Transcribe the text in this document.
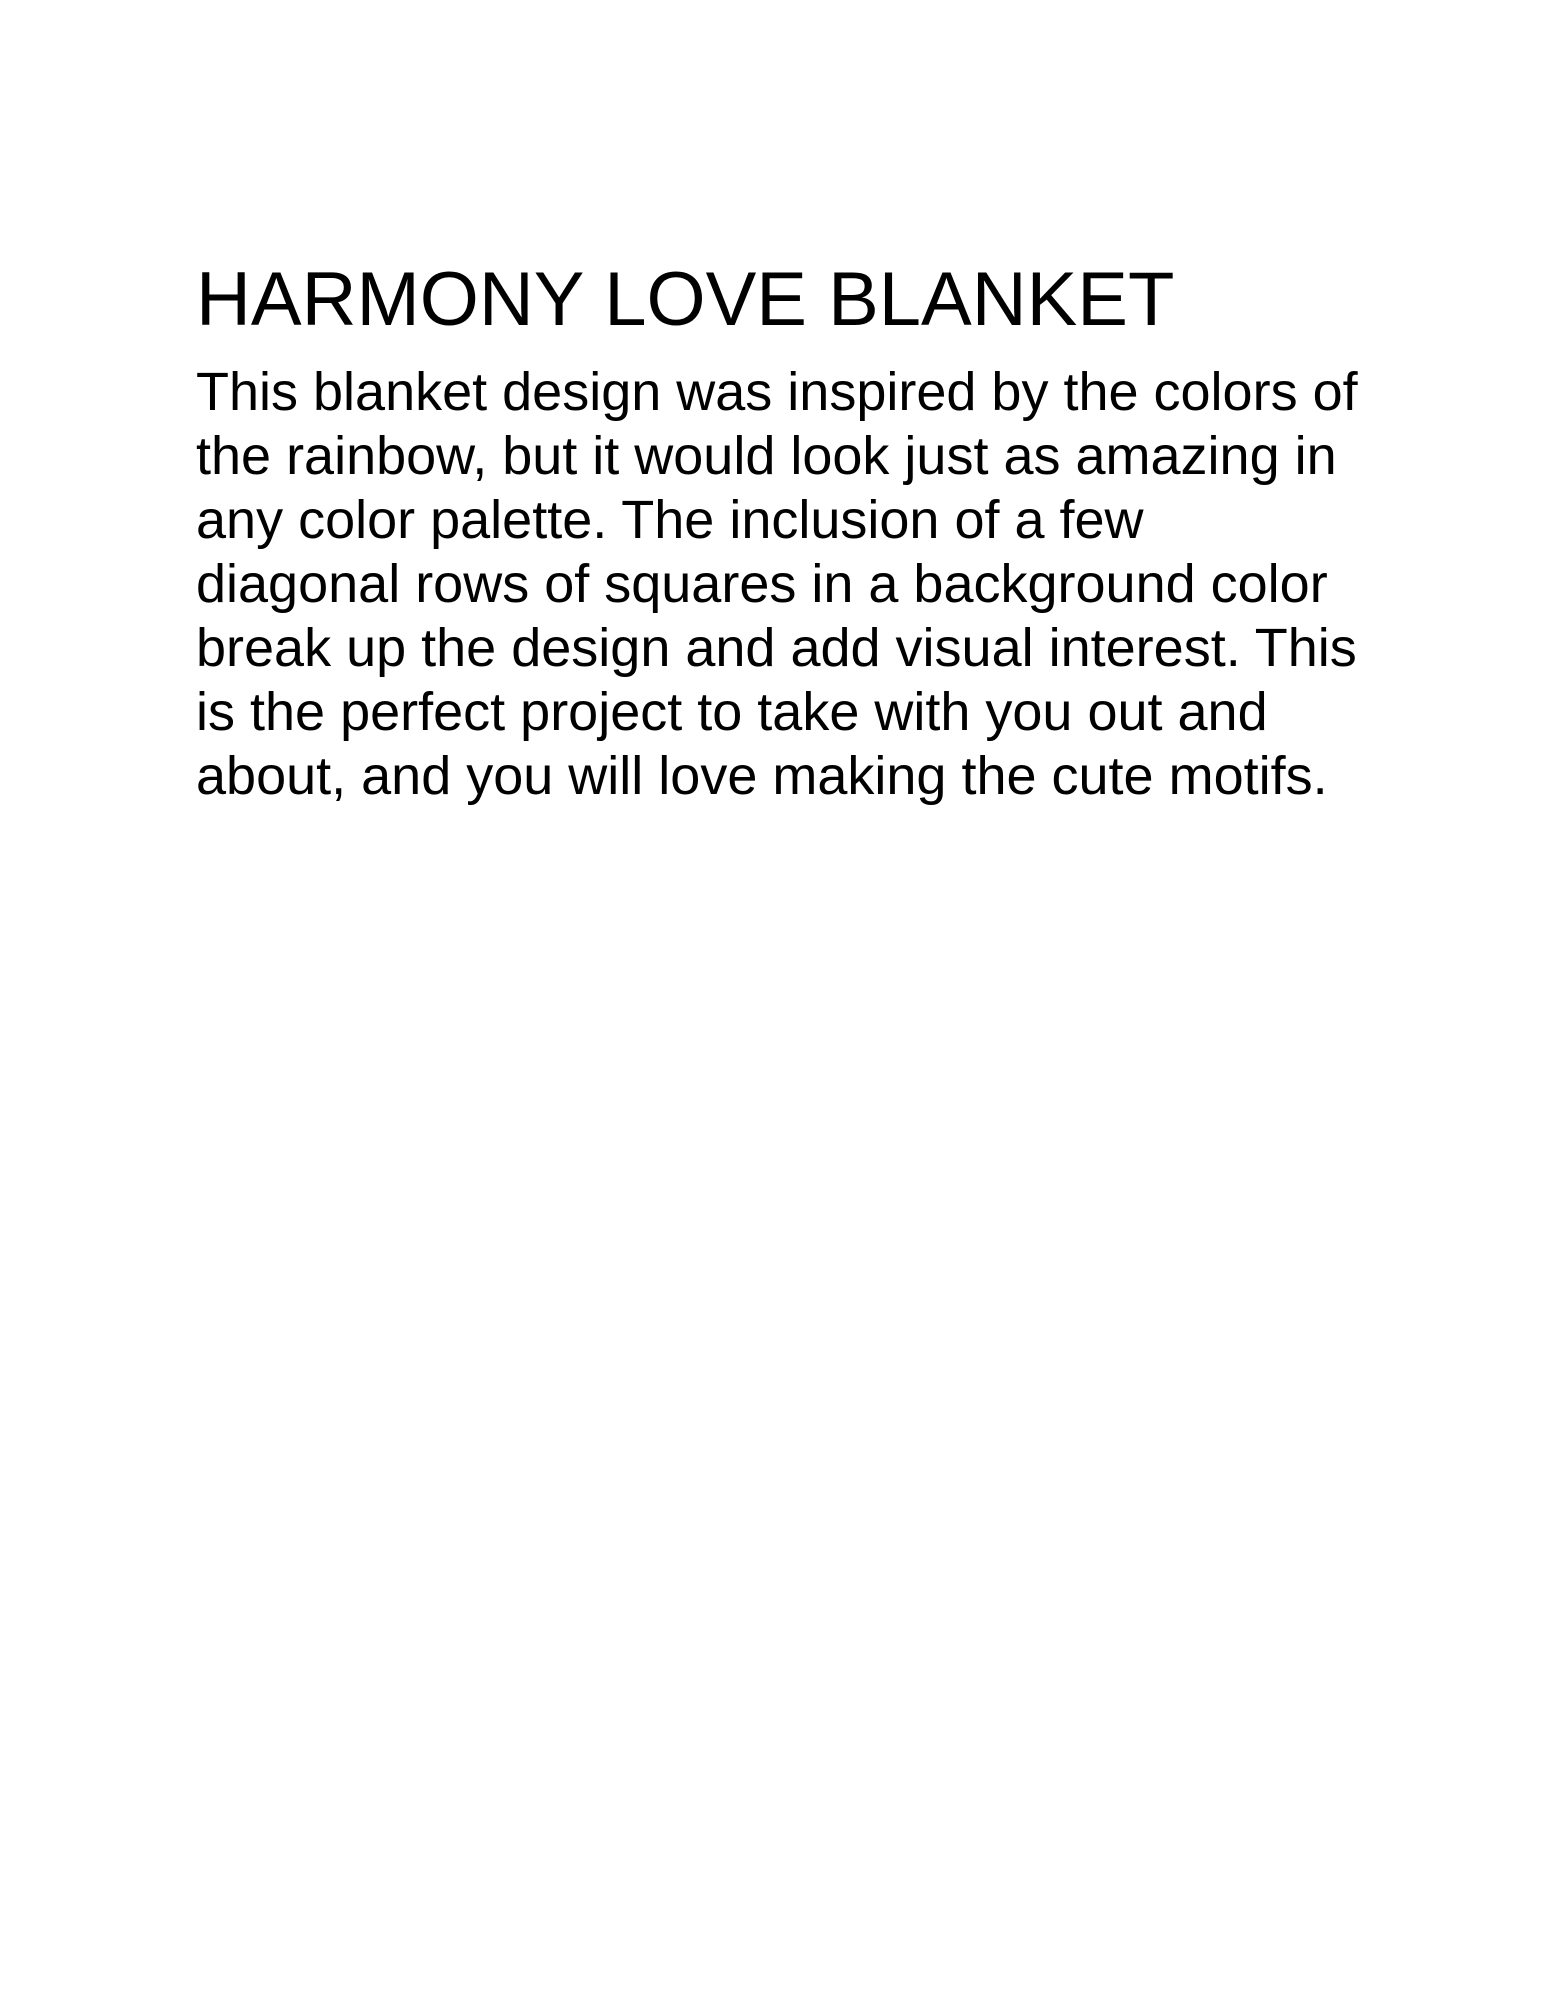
HARMONY LOVE BLANKET
This blanket design was inspired by the colors of
the rainbow, but it would look just as amazing in
any color palette. The inclusion of a few
diagonal rows of squares in a background color
break up the design and add visual interest. This
is the perfect project to take with you out and
about, and you will love making the cute motifs.
